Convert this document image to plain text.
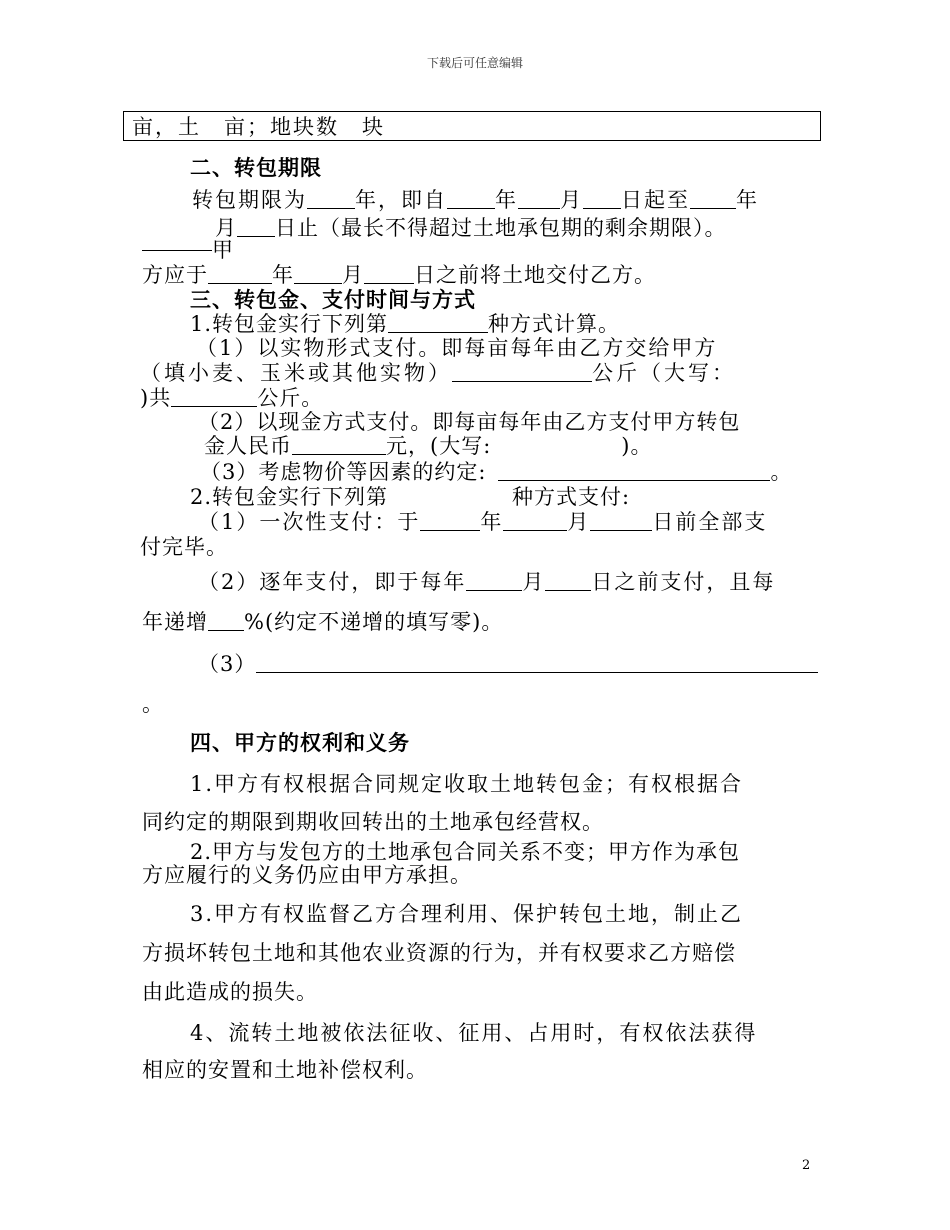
下载后可任意编辑
亩，土　亩；地块数　块
二、转包期限
转包期限为 年，即自 年 月 日起至 年
月 日止（最长不得超过土地承包期的剩余期限）。
甲
方应于	年 月 日之前将土地交付乙方。
三、转包金、支付时间与方式
1.转包金实行下列第	种方式计算。
（1）以实物形式支付。即每亩每年由乙方交给甲方
（填小麦、玉米或其他实物）	公斤（大写：
)共	公斤。
（2）以现金方式支付。即每亩每年由乙方支付甲方转包
金人民币	元，(大写:	)。
（3）考虑物价等因素的约定:	。
2.转包金实行下列第	种方式支付:
（1）一次性支付：于	年	月	日前全部支
付完毕。
（2）逐年支付，即于每年	月 日之前支付，且每
年递增 %(约定不递增的填写零)。
（3）
。
四、甲方的权利和义务
1.甲方有权根据合同规定收取土地转包金；有权根据合
同约定的期限到期收回转出的土地承包经营权。
2.甲方与发包方的土地承包合同关系不变；甲方作为承包
方应履行的义务仍应由甲方承担。
3.甲方有权监督乙方合理利用、保护转包土地，制止乙
方损坏转包土地和其他农业资源的行为，并有权要求乙方赔偿
由此造成的损失。
4、流转土地被依法征收、征用、占用时，有权依法获得
相应的安置和土地补偿权利。
2
